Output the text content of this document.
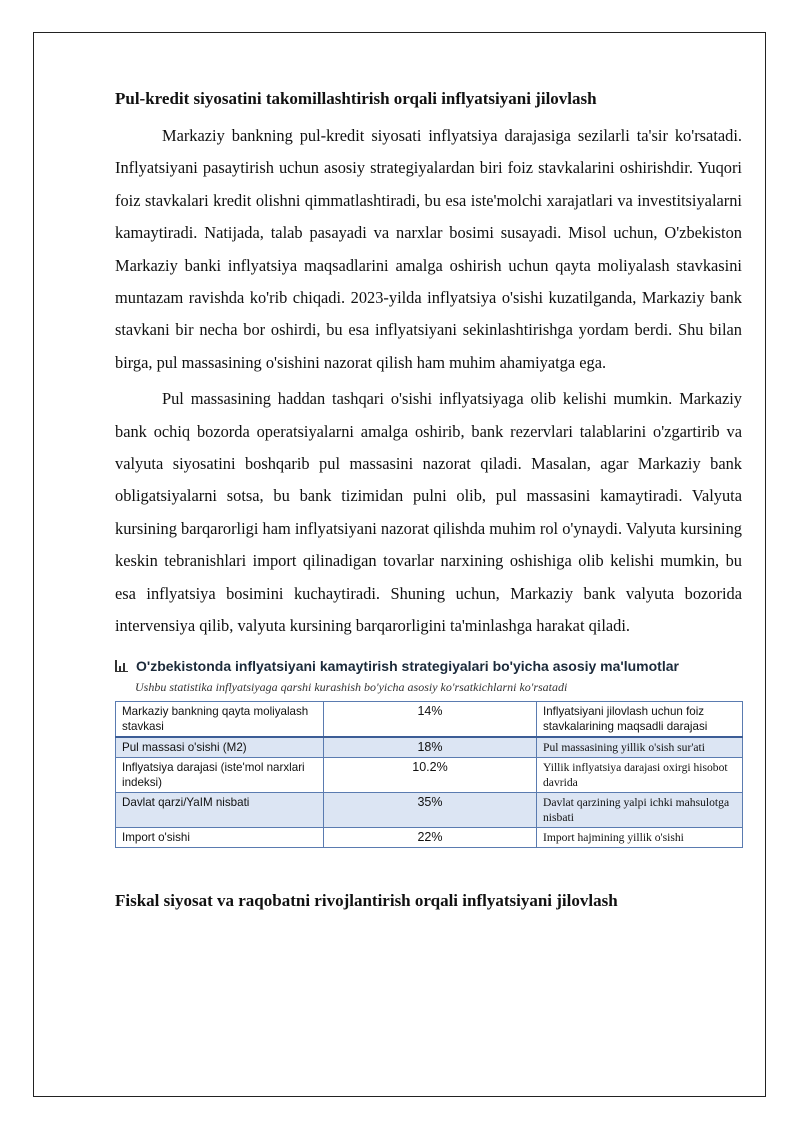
Pul-kredit siyosatini takomillashtirish orqali inflyatsiyani jilovlash

Markaziy bankning pul-kredit siyosati inflyatsiya darajasiga sezilarli ta'sir ko'rsatadi. Inflyatsiyani pasaytirish uchun asosiy strategiyalardan biri foiz stavkalarini oshirishdir. Yuqori foiz stavkalari kredit olishni qimmatlashtiradi, bu esa iste'molchi xarajatlari va investitsiyalarni kamaytiradi. Natijada, talab pasayadi va narxlar bosimi susayadi. Misol uchun, O'zbekiston Markaziy banki inflyatsiya maqsadlarini amalga oshirish uchun qayta moliyalash stavkasini muntazam ravishda ko'rib chiqadi. 2023-yilda inflyatsiya o'sishi kuzatilganda, Markaziy bank stavkani bir necha bor oshirdi, bu esa inflyatsiyani sekinlashtirishga yordam berdi. Shu bilan birga, pul massasining o'sishini nazorat qilish ham muhim ahamiyatga ega.

Pul massasining haddan tashqari o'sishi inflyatsiyaga olib kelishi mumkin. Markaziy bank ochiq bozorda operatsiyalarni amalga oshirib, bank rezervlari talablarini o'zgartirib va valyuta siyosatini boshqarib pul massasini nazorat qiladi. Masalan, agar Markaziy bank obligatsiyalarni sotsa, bu bank tizimidan pulni olib, pul massasini kamaytiradi. Valyuta kursining barqarorligi ham inflyatsiyani nazorat qilishda muhim rol o'ynaydi. Valyuta kursining keskin tebranishlari import qilinadigan tovarlar narxining oshishiga olib kelishi mumkin, bu esa inflyatsiya bosimini kuchaytiradi. Shuning uchun, Markaziy bank valyuta bozorida intervensiya qilib, valyuta kursining barqarorligini ta'minlashga harakat qiladi.

O'zbekistonda inflyatsiyani kamaytirish strategiyalari bo'yicha asosiy ma'lumotlar
Ushbu statistika inflyatsiyaga qarshi kurashish bo'yicha asosiy ko'rsatkichlarni ko'rsatadi
Markaziy bankning qayta moliyalash stavkasi	14%	Inflyatsiyani jilovlash uchun foiz stavkalarining maqsadli darajasi
Pul massasi o'sishi (M2)	18%	Pul massasining yillik o'sish sur'ati
Inflyatsiya darajasi (iste'mol narxlari indeksi)	10.2%	Yillik inflyatsiya darajasi oxirgi hisobot davrida
Davlat qarzi/YaIM nisbati	35%	Davlat qarzining yalpi ichki mahsulotga nisbati
Import o'sishi	22%	Import hajmining yillik o'sishi
Fiskal siyosat va raqobatni rivojlantirish orqali inflyatsiyani jilovlash
